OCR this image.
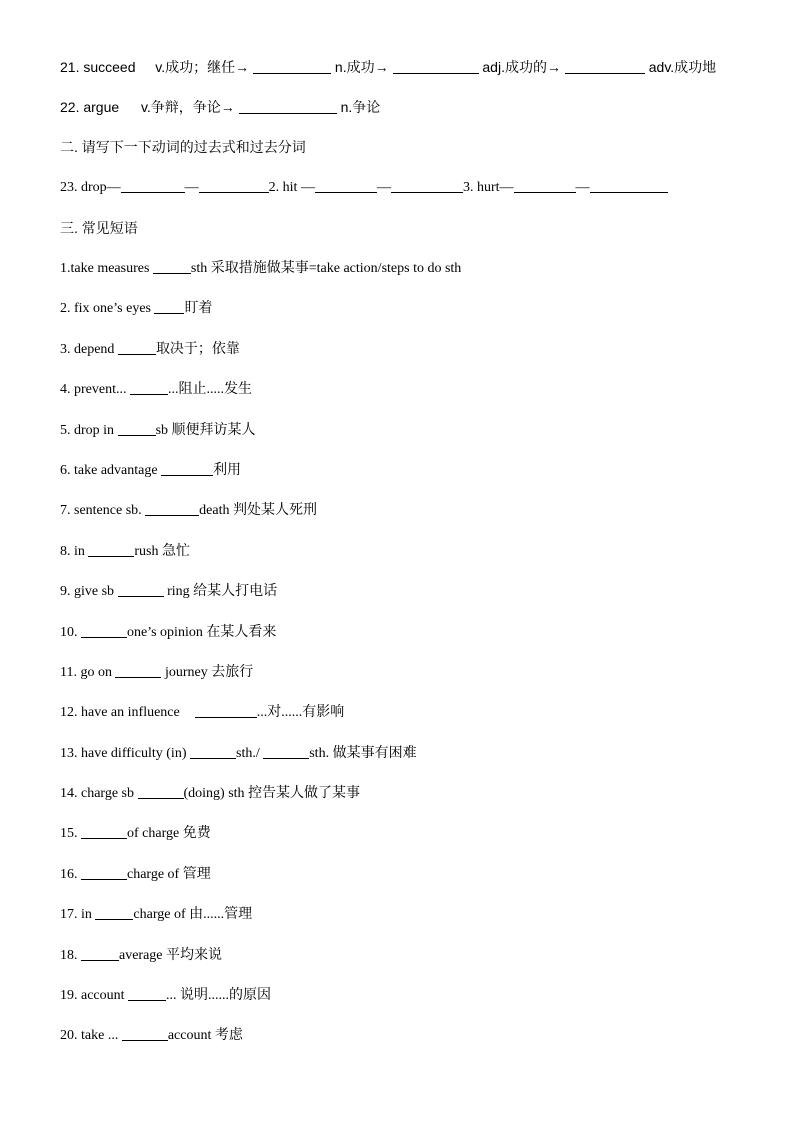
21. succeed v.成功；继任→	n.成功→	adj.成功的→	adv.成功地
22. argue v.争辩，争论→	n.争论
二. 请写下一下动词的过去式和过去分词
23. drop—	—	2. hit —	—	3. hurt—	—
三. 常见短语
1.take measures	sth 采取措施做某事=take action/steps to do sth
2. fix one’s eyes 盯着
3. depend	取决于；依靠
4. prevent...	...阻止.....发生
5. drop in	sb 顺便拜访某人
6. take advantage	利用
7. sentence sb.	death 判处某人死刑
8. in	rush 急忙
9. give sb	ring 给某人打电话
10.	one’s opinion 在某人看来
11. go on	journey 去旅行
12. have an influence	...对......有影响
13. have difficulty (in)	sth./	sth. 做某事有困难
14. charge sb	(doing) sth 控告某人做了某事
15.	of charge 免费
16.	charge of 管理
17. in	charge of 由......管理
18.	average 平均来说
19. account	... 说明......的原因
20. take ...	account 考虑
